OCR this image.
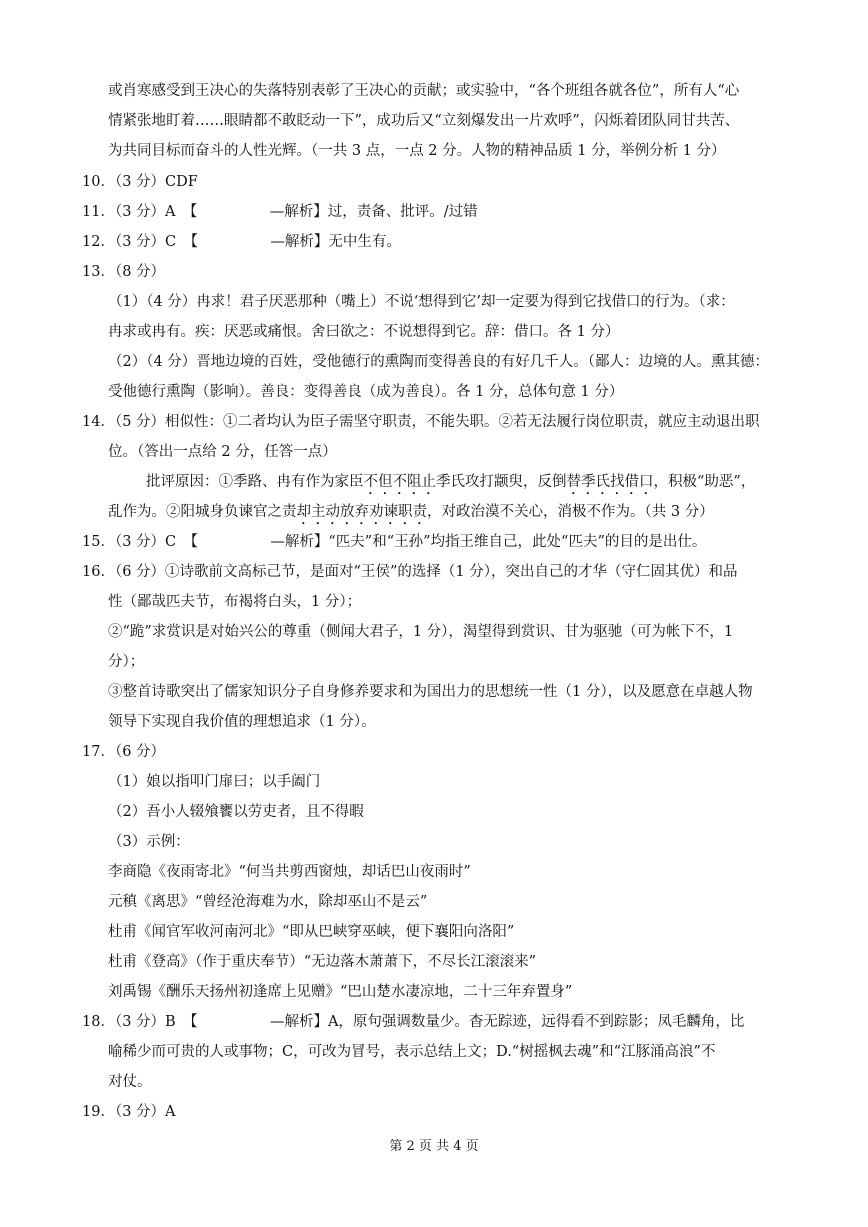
或肖寒感受到王决心的失落特别表彰了王决心的贡献；或实验中，“各个班组各就各位”，所有人“心
情紧张地盯着……眼睛都不敢眨动一下”，成功后又“立刻爆发出一片欢呼”，闪烁着团队同甘共苦、
为共同目标而奋斗的人性光辉。（一共 3 点，一点 2 分。人物的精神品质 1 分，举例分析 1 分）
10．（3 分）CDF
11．（3 分）A　【　　　　　—解析】过，责备、批评。/过错
12．（3 分）C　【　　　　　—解析】无中生有。
13．（8 分）
（1）（4 分）冉求！君子厌恶那种（嘴上）不说‘想得到它’却一定要为得到它找借口的行为。（求：
冉求或冉有。疾：厌恶或痛恨。舍曰欲之：不说想得到它。辞：借口。各 1 分）
（2）（4 分）晋地边境的百姓，受他德行的熏陶而变得善良的有好几千人。（鄙人：边境的人。熏其德：
受他德行熏陶（影响）。善良：变得善良（成为善良）。各 1 分，总体句意 1 分）
14．（5 分）相似性：①二者均认为臣子需坚守职责，不能失职。②若无法履行岗位职责，就应主动退出职
位。（答出一点给 2 分，任答一点）
批评原因：①季路、冉有作为家臣不但不阻止季氏攻打颛臾，反倒替季氏找借口，积极“助恶”，
乱作为。②阳城身负谏官之责却主动放弃劝谏职责，对政治漠不关心，消极不作为。（共 3 分）
15．（3 分）C　【　　　　　—解析】“匹夫”和“王孙”均指王维自己，此处“匹夫”的目的是出仕。
16．（6 分）①诗歌前文高标己节，是面对“王侯”的选择（1 分），突出自己的才华（守仁固其优）和品
性（鄙哉匹夫节，布褐将白头，1 分）；
②“跪”求赏识是对始兴公的尊重（侧闻大君子，1 分），渴望得到赏识、甘为驱驰（可为帐下不，1
分）；
③整首诗歌突出了儒家知识分子自身修养要求和为国出力的思想统一性（1 分），以及愿意在卓越人物
领导下实现自我价值的理想追求（1 分）。
17．（6 分）
（1）娘以指叩门扉曰；以手阖门
（2）吾小人辍飧饔以劳吏者，且不得暇
（3）示例：
李商隐《夜雨寄北》“何当共剪西窗烛，却话巴山夜雨时”
元稹《离思》“曾经沧海难为水，除却巫山不是云”
杜甫《闻官军收河南河北》“即从巴峡穿巫峡，便下襄阳向洛阳”
杜甫《登高》（作于重庆奉节）“无边落木萧萧下，不尽长江滚滚来”
刘禹锡《酬乐天扬州初逢席上见赠》“巴山楚水凄凉地，二十三年弃置身”
18．（3 分）B　【　　　　　—解析】A，原句强调数量少。杳无踪迹，远得看不到踪影；凤毛麟角，比
喻稀少而可贵的人或事物；C，可改为冒号，表示总结上文；D.“树摇枫去魂”和“江豚涌高浪”不
对仗。
19．（3 分）A
第 2 页 共 4 页
